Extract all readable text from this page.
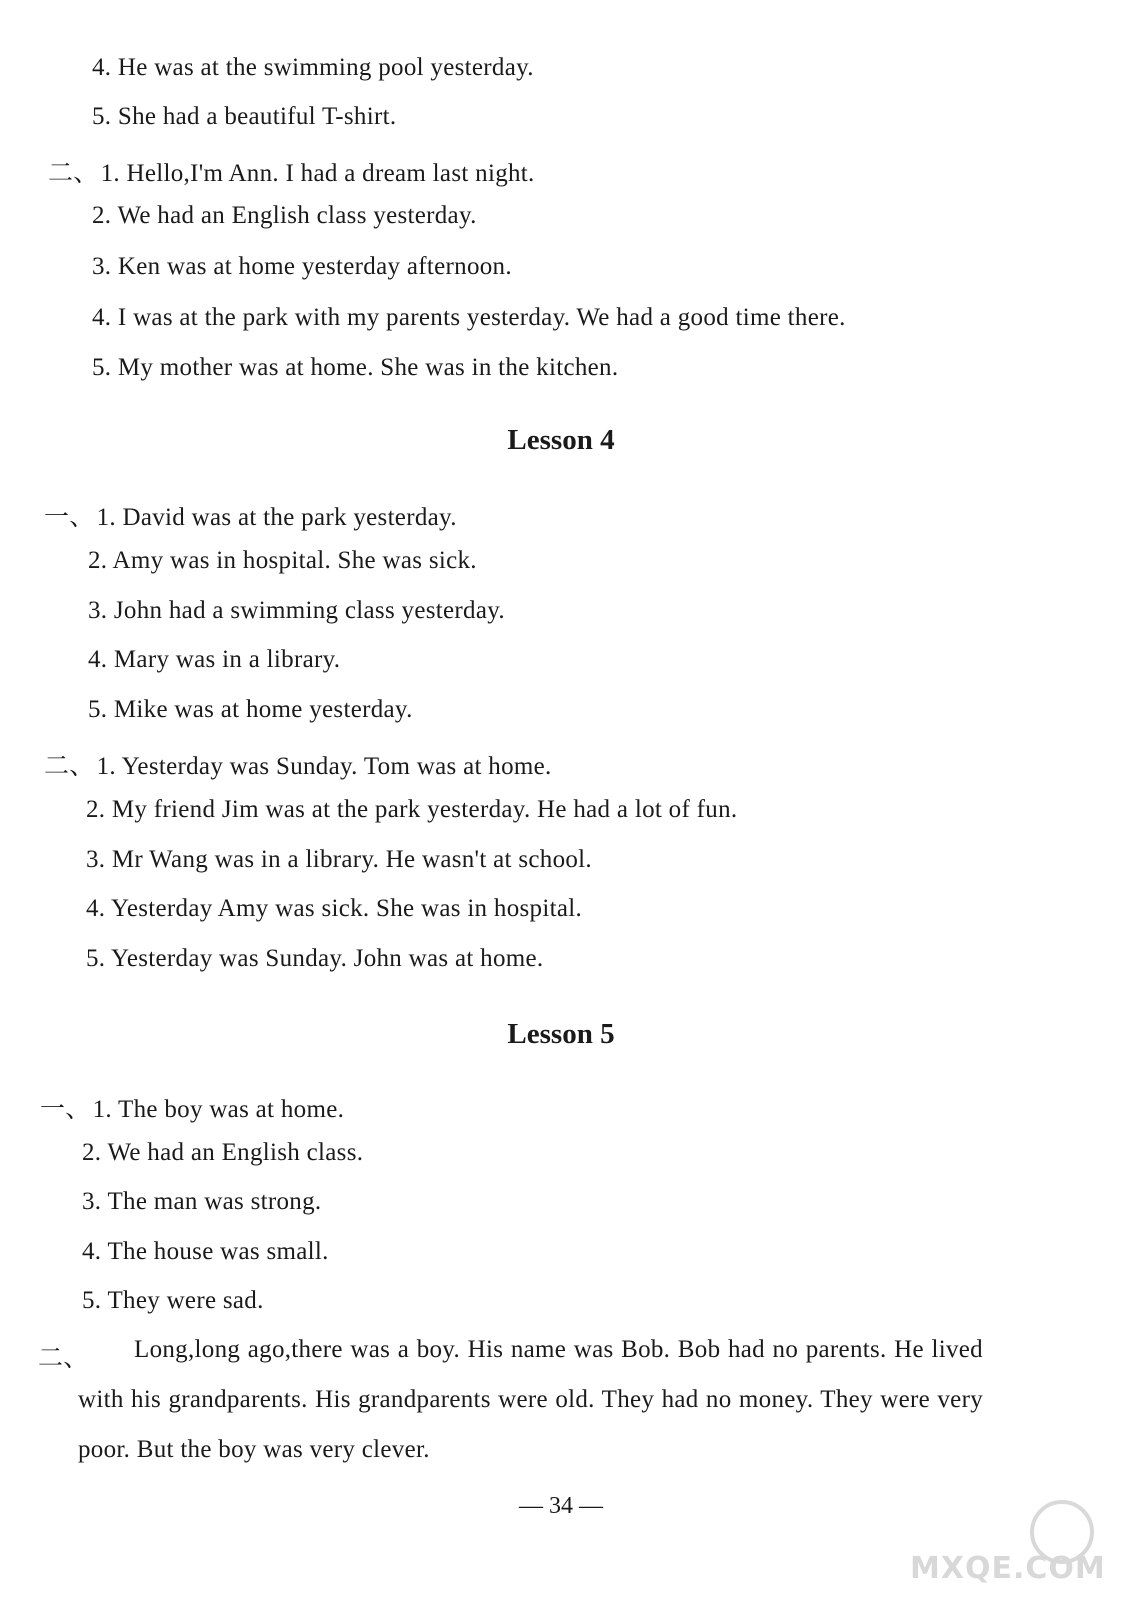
4. He was at the swimming pool yesterday.
5. She had a beautiful T-shirt.
二、1. Hello,I'm Ann. I had a dream last night.
2. We had an English class yesterday.
3. Ken was at home yesterday afternoon.
4. I was at the park with my parents yesterday. We had a good time there.
5. My mother was at home. She was in the kitchen.
Lesson 4
一、1. David was at the park yesterday.
2. Amy was in hospital. She was sick.
3. John had a swimming class yesterday.
4. Mary was in a library.
5. Mike was at home yesterday.
二、1. Yesterday was Sunday. Tom was at home.
2. My friend Jim was at the park yesterday. He had a lot of fun.
3. Mr Wang was in a library. He wasn't at school.
4. Yesterday Amy was sick. She was in hospital.
5. Yesterday was Sunday. John was at home.
Lesson 5
一、1. The boy was at home.
2. We had an English class.
3. The man was strong.
4. The house was small.
5. They were sad.
二、	Long,long ago,there was a boy. His name was Bob. Bob had no parents. He lived with his grandparents. His grandparents were old. They had no money. They were very poor. But the boy was very clever.
— 34 —
MXQE.COM
